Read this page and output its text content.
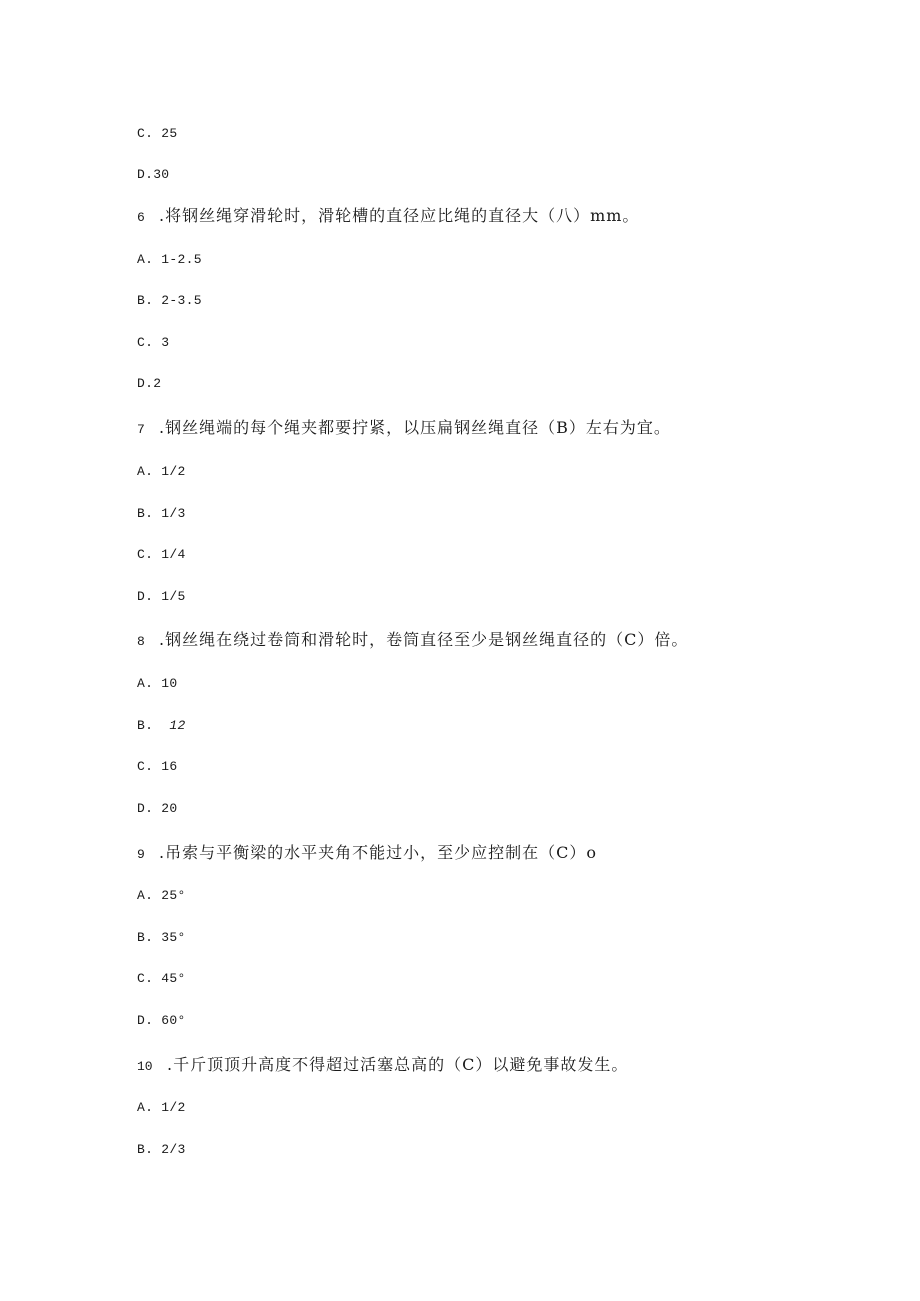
C. 25
D.30
6 .将钢丝绳穿滑轮时，滑轮槽的直径应比绳的直径大（八）mm。
A. 1-2.5
B. 2-3.5
C. 3
D.2
7 .钢丝绳端的每个绳夹都要拧紧，以压扁钢丝绳直径（B）左右为宜。
A. 1/2
B. 1/3
C. 1/4
D. 1/5
8 .钢丝绳在绕过卷筒和滑轮时，卷筒直径至少是钢丝绳直径的（C）倍。
A. 10
B.  12
C. 16
D. 20
9 .吊索与平衡梁的水平夹角不能过小，至少应控制在（C）o
A. 25°
B. 35°
C. 45°
D. 60°
10 .千斤顶顶升高度不得超过活塞总高的（C）以避免事故发生。
A. 1/2
B. 2/3
